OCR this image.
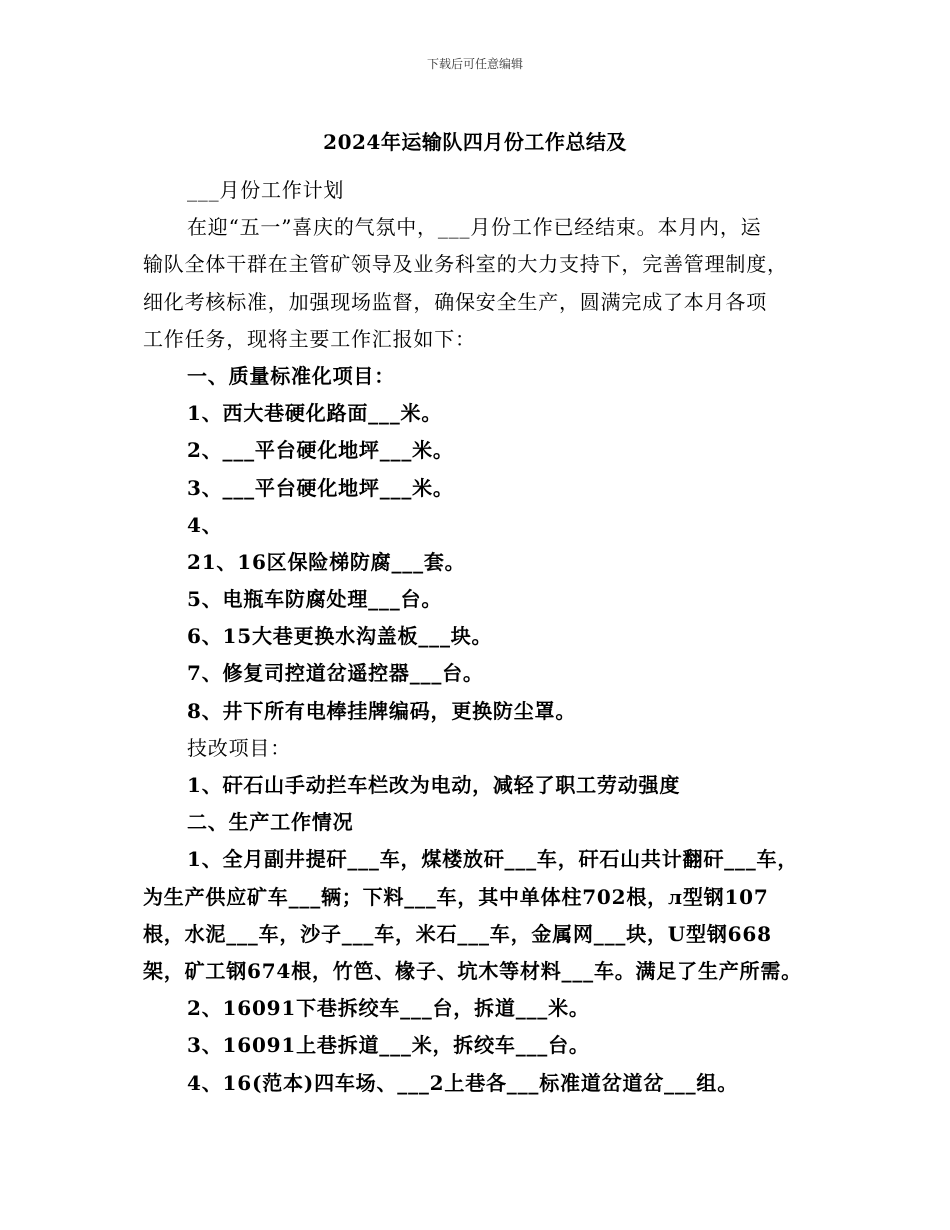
下载后可任意编辑
2024年运输队四月份工作总结及
___月份工作计划
在迎“五一”喜庆的气氛中，___月份工作已经结束。本月内，运
输队全体干群在主管矿领导及业务科室的大力支持下，完善管理制度，
细化考核标准，加强现场监督，确保安全生产，圆满完成了本月各项
工作任务，现将主要工作汇报如下：
一、质量标准化项目：
1、西大巷硬化路面___米。
2、___平台硬化地坪___米。
3、___平台硬化地坪___米。
4、
21、16区保险梯防腐___套。
5、电瓶车防腐处理___台。
6、15大巷更换水沟盖板___块。
7、修复司控道岔遥控器___台。
8、井下所有电棒挂牌编码，更换防尘罩。
技改项目：
1、矸石山手动拦车栏改为电动，减轻了职工劳动强度
二、生产工作情况
1、全月副井提矸___车，煤楼放矸___车，矸石山共计翻矸___车，
为生产供应矿车___辆；下料___车，其中单体柱702根，л型钢107
根，水泥___车，沙子___车，米石___车，金属网___块，U型钢668
架，矿工钢674根，竹笆、椽子、坑木等材料___车。满足了生产所需。
2、16091下巷拆绞车___台，拆道___米。
3、16091上巷拆道___米，拆绞车___台。
4、16(范本)四车场、___2上巷各___标准道岔道岔___组。
